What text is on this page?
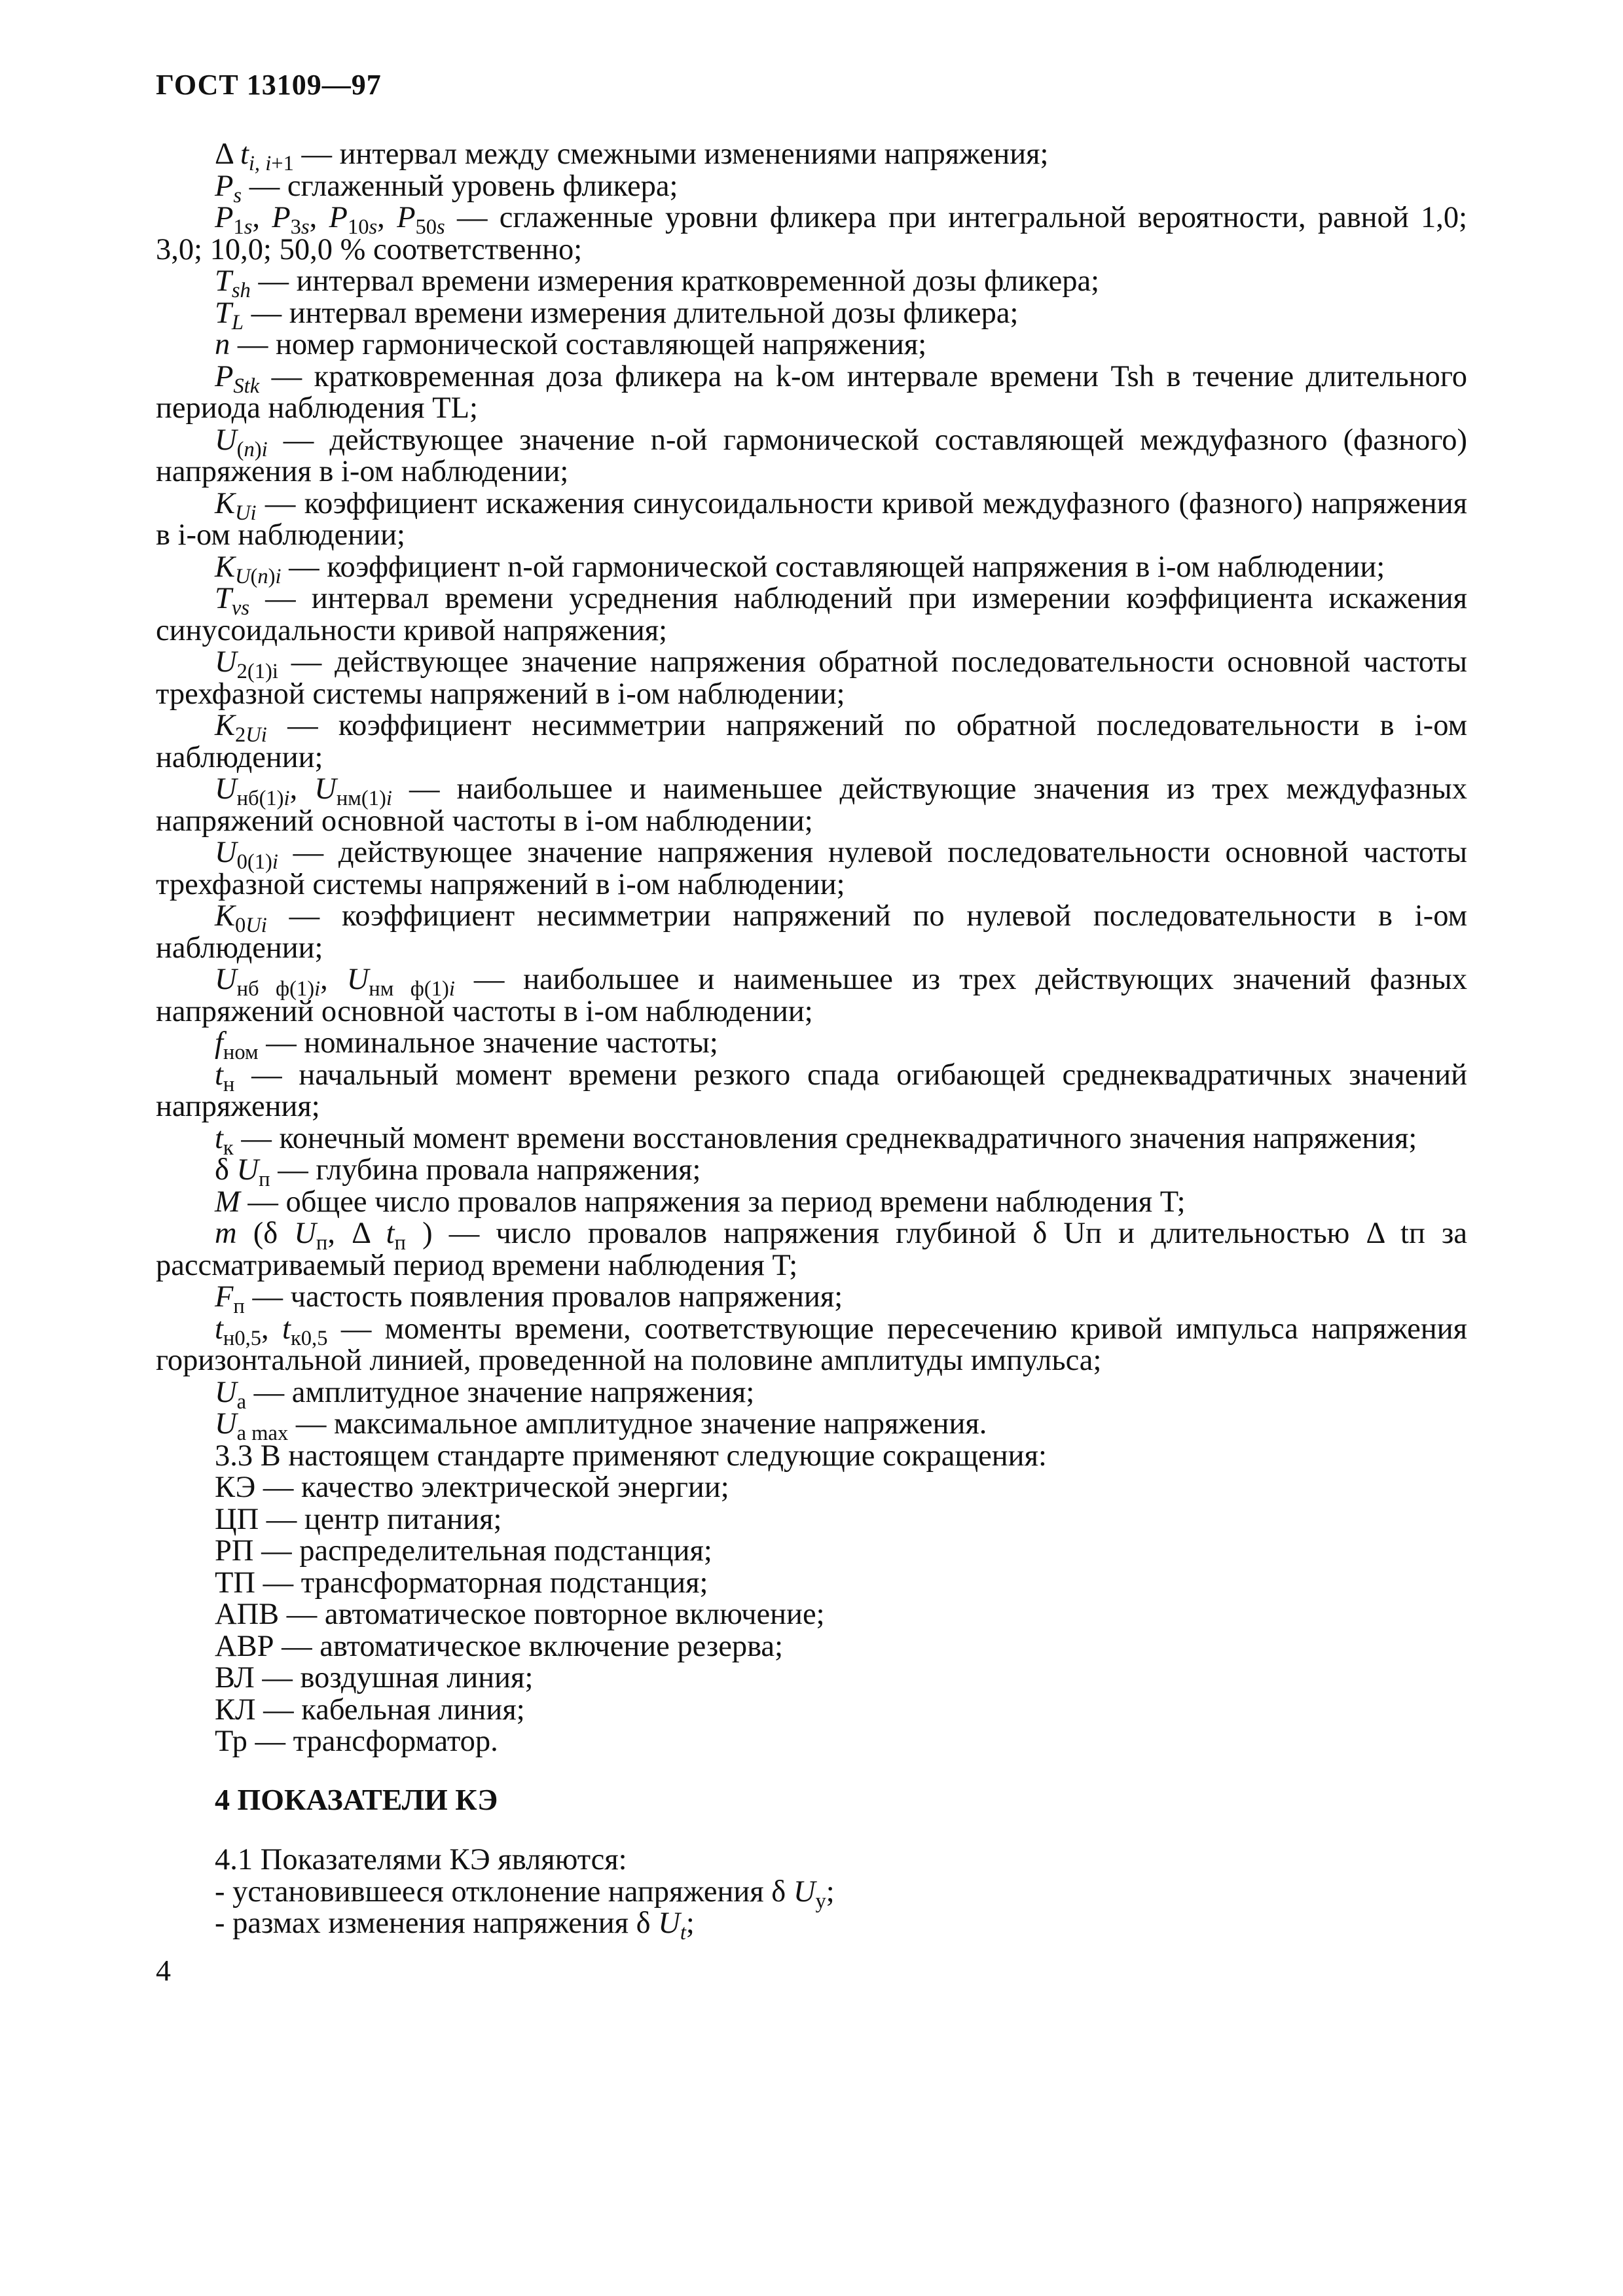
ГОСТ 13109—97

Δ $t_{i, i+1}$ — интервал между смежными изменениями напряжения;

$P_s$ — сглаженный уровень фликера;

$P_{1s}$, $P_{3s}$, $P_{10s}$, $P_{50s}$ — сглаженные уровни фликера при интегральной вероятности, равной 1,0; 3,0; 10,0; 50,0 % соответственно;

$T_{sh}$ — интервал времени измерения кратковременной дозы фликера;

$T_L$ — интервал времени измерения длительной дозы фликера;

n — номер гармонической составляющей напряжения;

$P_{Stk}$ — кратковременная доза фликера на k-ом интервале времени Tsh в течение длительного периода наблюдения TL;

$U_{(n)i}$ — действующее значение n-ой гармонической составляющей междуфазного (фазного) напряжения в i-ом наблюдении;

$K_{Ui}$ — коэффициент искажения синусоидальности кривой междуфазного (фазного) напряжения в i-ом наблюдении;

$K_{U(n)i}$ — коэффициент n-ой гармонической составляющей напряжения в i-ом наблюдении;

$T_{vs}$ — интервал времени усреднения наблюдений при измерении коэффициента искажения синусоидальности кривой напряжения;

$U_{2(1)i}$ — действующее значение напряжения обратной последовательности основной частоты трехфазной системы напряжений в i-ом наблюдении;

$K_{2Ui}$ — коэффициент несимметрии напряжений по обратной последовательности в i-ом наблюдении;

$U_{нб(1)i}$, $U_{нм(1)i}$ — наибольшее и наименьшее действующие значения из трех междуфазных напряжений основной частоты в i-ом наблюдении;

$U_{0(1)i}$ — действующее значение напряжения нулевой последовательности основной частоты трехфазной системы напряжений в i-ом наблюдении;

$K_{0Ui}$ — коэффициент несимметрии напряжений по нулевой последовательности в i-ом наблюдении;

$U_{нб ф(1)i}$, $U_{нм ф(1)i}$ — наибольшее и наименьшее из трех действующих значений фазных напряжений основной частоты в i-ом наблюдении;

$f_{ном}$ — номинальное значение частоты;

$t_н$ — начальный момент времени резкого спада огибающей среднеквадратичных значений напряжения;

$t_к$ — конечный момент времени восстановления среднеквадратичного значения напряжения;

δ $U_п$ — глубина провала напряжения;

M — общее число провалов напряжения за период времени наблюдения T;

m (δ $U_п$, Δ $t_п$ ) — число провалов напряжения глубиной δ Uп и длительностью Δ tп за рассматриваемый период времени наблюдения T;

$F_п$ — частость появления провалов напряжения;

$t_{н0,5}$, $t_{к0,5}$ — моменты времени, соответствующие пересечению кривой импульса напряжения горизонтальной линией, проведенной на половине амплитуды импульса;

$U_а$ — амплитудное значение напряжения;

$U_{а max}$ — максимальное амплитудное значение напряжения.

3.3 В настоящем стандарте применяют следующие сокращения:

КЭ — качество электрической энергии;

ЦП — центр питания;

РП — распределительная подстанция;

ТП — трансформаторная подстанция;

АПВ — автоматическое повторное включение;

АВР — автоматическое включение резерва;

ВЛ — воздушная линия;

КЛ — кабельная линия;

Тр — трансформатор.

4 ПОКАЗАТЕЛИ КЭ

4.1 Показателями КЭ являются:

- установившееся отклонение напряжения δ $U_у$;

- размах изменения напряжения δ $U_t$;

4
